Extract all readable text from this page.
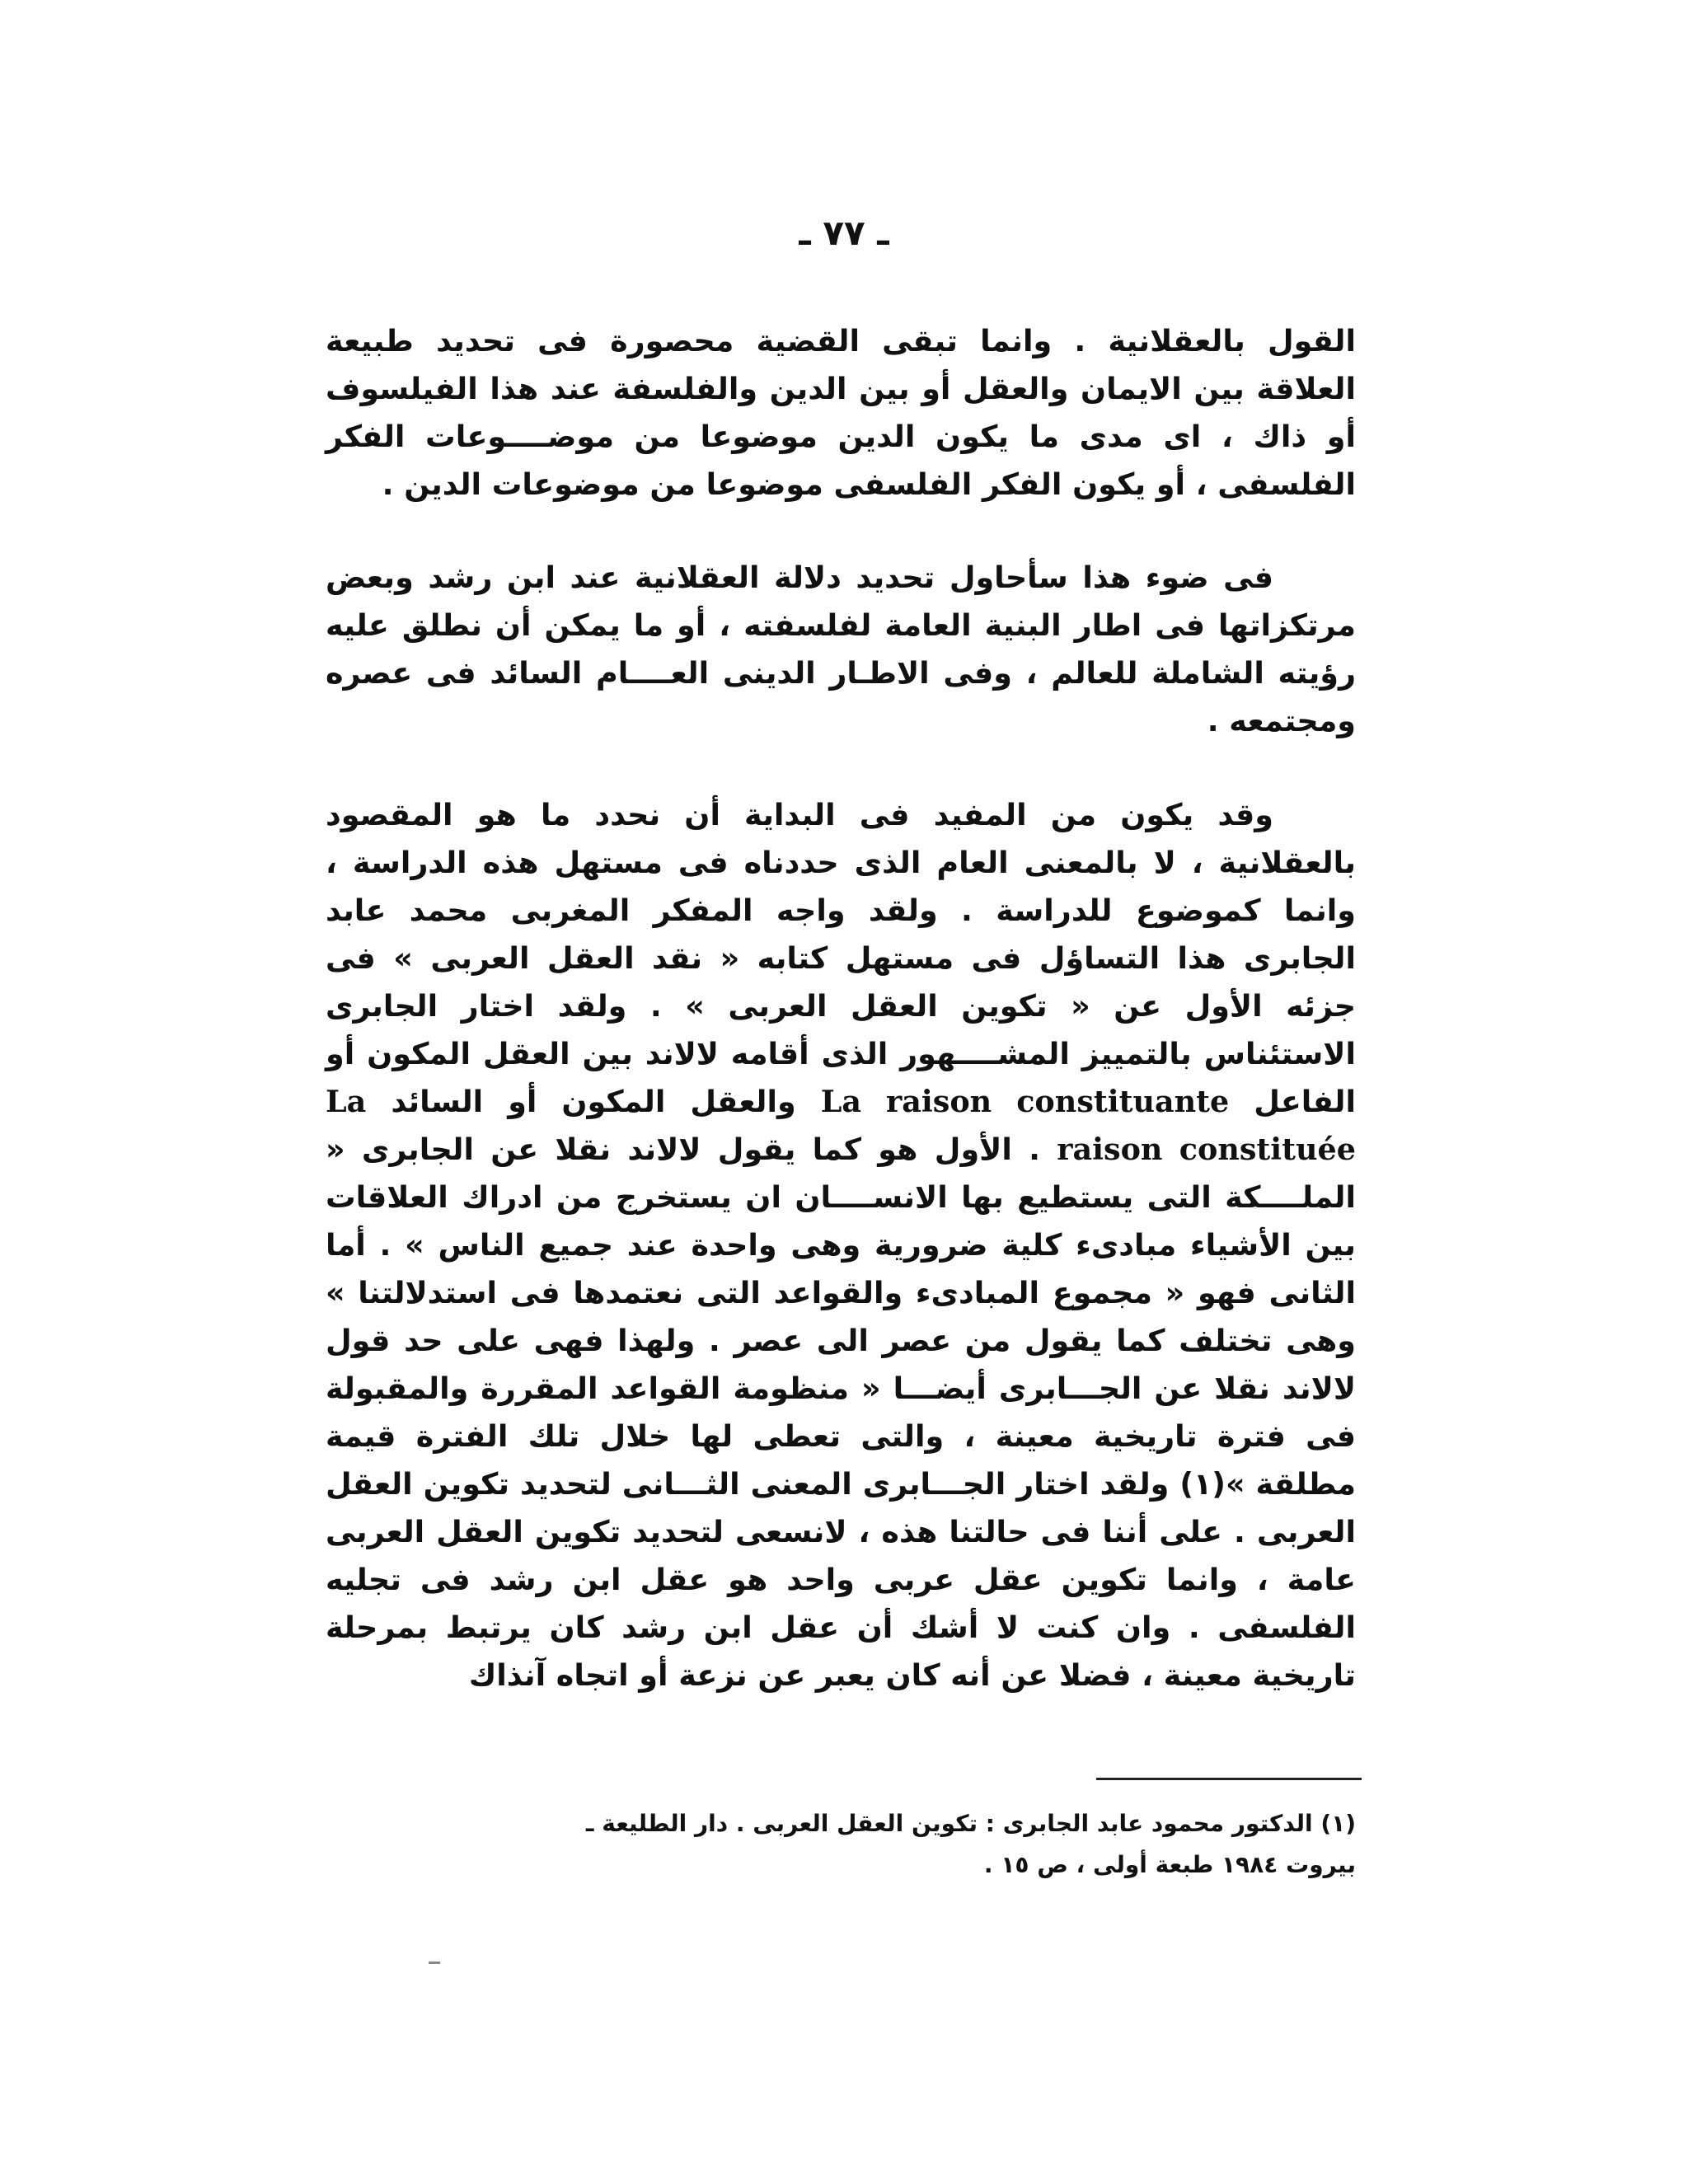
ـ ٧٧ ـ

القول بالعقلانية . وانما تبقى القضية محصورة فى تحديد طبيعة العلاقة بين الايمان والعقل أو بين الدين والفلسفة عند هذا الفيلسوف أو ذاك ، اى مدى ما يكون الدين موضوعا من موضــــوعات الفكر الفلسفى ، أو يكون الفكر الفلسفى موضوعا من موضوعات الدين .

فى ضوء هذا سأحاول تحديد دلالة العقلانية عند ابن رشد وبعض مرتكزاتها فى اطار البنية العامة لفلسفته ، أو ما يمكن أن نطلق عليه رؤيته الشاملة للعالم ، وفى الاطـار الدينى العــــام السائد فى عصره ومجتمعه .

وقد يكون من المفيد فى البداية أن نحدد ما هو المقصود بالعقلانية ، لا بالمعنى العام الذى حددناه فى مستهل هذه الدراسة ، وانما كموضوع للدراسة . ولقد واجه المفكر المغربى محمد عابد الجابرى هذا التساؤل فى مستهل كتابه « نقد العقل العربى » فى جزئه الأول عن « تكوين العقل العربى » . ولقد اختار الجابرى الاستئناس بالتمييز المشــــهور الذى أقامه لالاند بين العقل المكون أو الفاعل La raison constituante والعقل المكون أو السائد La raison constituée . الأول هو كما يقول لالاند نقلا عن الجابرى « الملــــكة التى يستطيع بها الانســــان ان يستخرج من ادراك العلاقات بين الأشياء مبادىء كلية ضرورية وهى واحدة عند جميع الناس » . أما الثانى فهو « مجموع المبادىء والقواعد التى نعتمدها فى استدلالتنا » وهى تختلف كما يقول من عصر الى عصر . ولهذا فهى على حد قول لالاند نقلا عن الجـــابرى أيضـــا « منظومة القواعد المقررة والمقبولة فى فترة تاريخية معينة ، والتى تعطى لها خلال تلك الفترة قيمة مطلقة »(١) ولقد اختار الجـــابرى المعنى الثـــانى لتحديد تكوين العقل العربى . على أننا فى حالتنا هذه ، لانسعى لتحديد تكوين العقل العربى عامة ، وانما تكوين عقل عربى واحد هو عقل ابن رشد فى تجليه الفلسفى . وان كنت لا أشك أن عقل ابن رشد كان يرتبط بمرحلة تاريخية معينة ، فضلا عن أنه كان يعبر عن نزعة أو اتجاه آنذاك

(١) الدكتور محمود عابد الجابرى : تكوين العقل العربى . دار الطليعة ـ

بيروت ١٩٨٤ طبعة أولى ، ص ١٥ .
